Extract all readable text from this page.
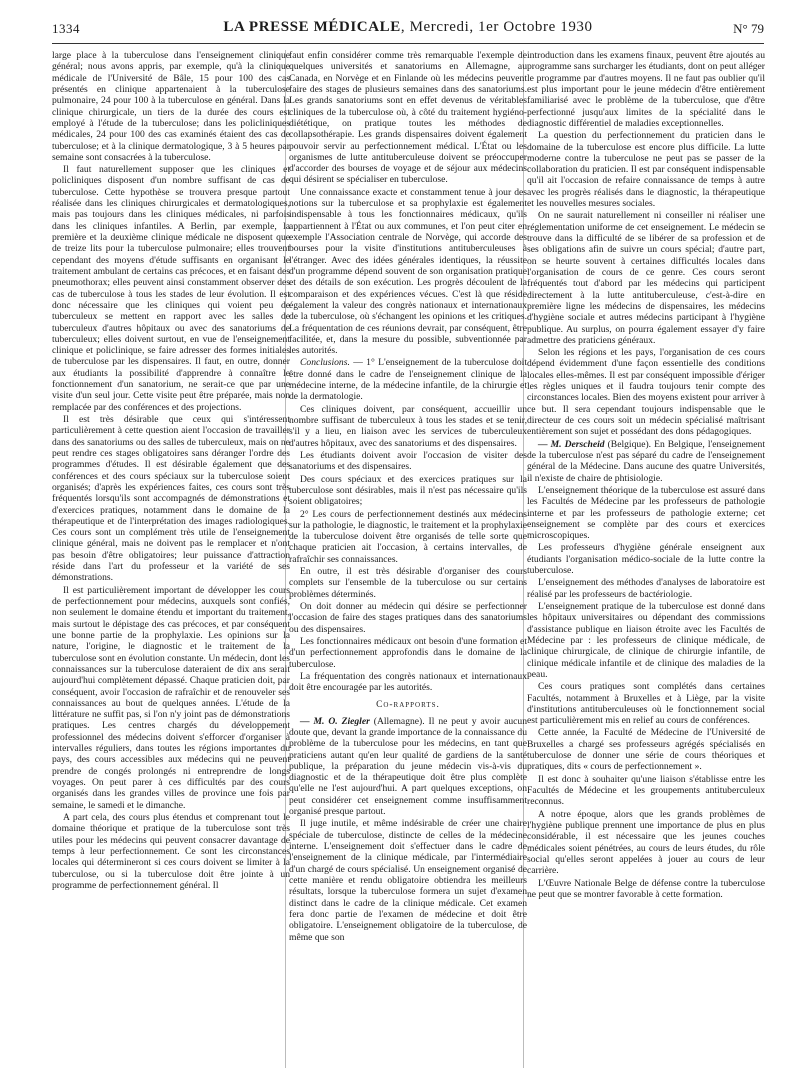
1334	LA PRESSE MÉDICALE, Mercredi, 1er Octobre 1930	N° 79

large place à la tuberculose dans l'enseignement clinique général; nous avons appris, par exemple, qu'à la clinique médicale de l'Université de Bâle, 15 pour 100 des cas présentés en clinique appartenaient à la tuberculose pulmonaire, 24 pour 100 à la tuberculose en général. Dans la clinique chirurgicale, un tiers de la durée des cours est employé à l'étude de la tuberculose; dans les policliniques médicales, 24 pour 100 des cas examinés étaient des cas de tuberculose; et à la clinique dermatologique, 3 à 5 heures par semaine sont consacrées à la tuberculose.

Il faut naturellement supposer que les cliniques et policliniques disposent d'un nombre suffisant de cas de tuberculose. Cette hypothèse se trouvera presque partout réalisée dans les cliniques chirurgicales et dermatologiques, mais pas toujours dans les cliniques médicales, ni parfois dans les cliniques infantiles. A Berlin, par exemple, la première et la deuxième clinique médicale ne disposent que de treize lits pour la tuberculose pulmonaire; elles trouvent cependant des moyens d'étude suffisants en organisant le traitement ambulant de certains cas précoces, et en faisant des pneumothorax; elles peuvent ainsi constamment observer des cas de tuberculose à tous les stades de leur évolution. Il est donc nécessaire que les cliniques qui voient peu de tuberculeux se mettent en rapport avec les salles de tuberculeux d'autres hôpitaux ou avec des sanatoriums de tuberculeux; elles doivent surtout, en vue de l'enseignement clinique et policlinique, se faire adresser des formes initiales de tuberculose par les dispensaires. Il faut, en outre, donner aux étudiants la possibilité d'apprendre à connaître le fonctionnement d'un sanatorium, ne serait-ce que par une visite d'un seul jour. Cette visite peut être préparée, mais non remplacée par des conférences et des projections.

Il est très désirable que ceux qui s'intéressent particulièrement à cette question aient l'occasion de travailler dans des sanatoriums ou des salles de tuberculeux, mais on ne peut rendre ces stages obligatoires sans déranger l'ordre des programmes d'études. Il est désirable également que des conférences et des cours spéciaux sur la tuberculose soient organisés; d'après les expériences faites, ces cours sont très fréquentés lorsqu'ils sont accompagnés de démonstrations et d'exercices pratiques, notamment dans le domaine de la thérapeutique et de l'interprétation des images radiologiques. Ces cours sont un complément très utile de l'enseignement clinique général, mais ne doivent pas le remplacer et n'ont pas besoin d'être obligatoires; leur puissance d'attraction réside dans l'art du professeur et la variété de ses démonstrations.

Il est particulièrement important de développer les cours de perfectionnement pour médecins, auxquels sont confiés, non seulement le domaine étendu et important du traitement, mais surtout le dépistage des cas précoces, et par conséquent une bonne partie de la prophylaxie. Les opinions sur la nature, l'origine, le diagnostic et le traitement de la tuberculose sont en évolution constante. Un médecin, dont les connaissances sur la tuberculose dateraient de dix ans serait aujourd'hui complètement dépassé. Chaque praticien doit, par conséquent, avoir l'occasion de rafraîchir et de renouveler ses connaissances au bout de quelques années. L'étude de la littérature ne suffit pas, si l'on n'y joint pas de démonstrations pratiques. Les centres chargés du développement professionnel des médecins doivent s'efforcer d'organiser à intervalles réguliers, dans toutes les régions importantes du pays, des cours accessibles aux médecins qui ne peuvent prendre de congés prolongés ni entreprendre de longs voyages. On peut parer à ces difficultés par des cours organisés dans les grandes villes de province une fois par semaine, le samedi et le dimanche.

A part cela, des cours plus étendus et comprenant tout le domaine théorique et pratique de la tuberculose sont très utiles pour les médecins qui peuvent consacrer davantage de temps à leur perfectionnement. Ce sont les circonstances locales qui détermineront si ces cours doivent se limiter à la tuberculose, ou si la tuberculose doit être jointe à un programme de perfectionnement général. Il

faut enfin considérer comme très remarquable l'exemple de quelques universités et sanatoriums en Allemagne, au Canada, en Norvège et en Finlande où les médecins peuvent faire des stages de plusieurs semaines dans des sanatoriums. Les grands sanatoriums sont en effet devenus de véritables cliniques de la tuberculose où, à côté du traitement hygiéno-diététique, on pratique toutes les méthodes de collapsothérapie. Les grands dispensaires doivent également pouvoir servir au perfectionnement médical. L'État ou les organismes de lutte antituberculeuse doivent se préoccuper d'accorder des bourses de voyage et de séjour aux médecins qui désirent se spécialiser en tuberculose.

Une connaissance exacte et constamment tenue à jour des notions sur la tuberculose et sa prophylaxie est également indispensable à tous les fonctionnaires médicaux, qu'ils appartiennent à l'État ou aux communes, et l'on peut citer en exemple l'Association centrale de Norvège, qui accorde des bourses pour la visite d'institutions antituberculeuses à l'étranger. Avec des idées générales identiques, la réussite d'un programme dépend souvent de son organisation pratique et des détails de son exécution. Les progrès découlent de la comparaison et des expériences vécues. C'est là que réside également la valeur des congrès nationaux et internationaux de la tuberculose, où s'échangent les opinions et les critiques. La fréquentation de ces réunions devrait, par conséquent, être facilitée, et, dans la mesure du possible, subventionnée par les autorités.

Conclusions. — 1° L'enseignement de la tuberculose doit être donné dans le cadre de l'enseignement clinique de la médecine interne, de la médecine infantile, de la chirurgie et de la dermatologie.

Ces cliniques doivent, par conséquent, accueillir un nombre suffisant de tuberculeux à tous les stades et se tenir, s'il y a lieu, en liaison avec les services de tuberculeux d'autres hôpitaux, avec des sanatoriums et des dispensaires.

Les étudiants doivent avoir l'occasion de visiter des sanatoriums et des dispensaires.

Des cours spéciaux et des exercices pratiques sur la tuberculose sont désirables, mais il n'est pas nécessaire qu'ils soient obligatoires;

2° Les cours de perfectionnement destinés aux médecins sur la pathologie, le diagnostic, le traitement et la prophylaxie de la tuberculose doivent être organisés de telle sorte que chaque praticien ait l'occasion, à certains intervalles, de rafraîchir ses connaissances.

En outre, il est très désirable d'organiser des cours complets sur l'ensemble de la tuberculose ou sur certains problèmes déterminés.

On doit donner au médecin qui désire se perfectionner l'occasion de faire des stages pratiques dans des sanatoriums ou des dispensaires.

Les fonctionnaires médicaux ont besoin d'une formation et d'un perfectionnement approfondis dans le domaine de la tuberculose.

La fréquentation des congrès nationaux et internationaux doit être encouragée par les autorités.

Co-rapports.

— M. O. Ziegler (Allemagne). Il ne peut y avoir aucun doute que, devant la grande importance de la connaissance du problème de la tuberculose pour les médecins, en tant que praticiens autant qu'en leur qualité de gardiens de la santé publique, la préparation du jeune médecin vis-à-vis du diagnostic et de la thérapeutique doit être plus complète qu'elle ne l'est aujourd'hui. A part quelques exceptions, on peut considérer cet enseignement comme insuffisamment organisé presque partout.

Il juge inutile, et même indésirable de créer une chaire spéciale de tuberculose, distincte de celles de la médecine interne. L'enseignement doit s'effectuer dans le cadre de l'enseignement de la clinique médicale, par l'intermédiaire d'un chargé de cours spécialisé. Un enseignement organisé de cette manière et rendu obligatoire obtiendra les meilleurs résultats, lorsque la tuberculose formera un sujet d'examen distinct dans le cadre de la clinique médicale. Cet examen fera donc partie de l'examen de médecine et doit être obligatoire. L'enseignement obligatoire de la tuberculose, de même que son

introduction dans les examens finaux, peuvent être ajoutés au programme sans surcharger les étudiants, dont on peut alléger le programme par d'autres moyens. Il ne faut pas oublier qu'il est plus important pour le jeune médecin d'être entièrement familiarisé avec le problème de la tuberculose, que d'être perfectionné jusqu'aux limites de la spécialité dans le diagnostic différentiel de maladies exceptionnelles.

La question du perfectionnement du praticien dans le domaine de la tuberculose est encore plus difficile. La lutte moderne contre la tuberculose ne peut pas se passer de la collaboration du praticien. Il est par conséquent indispensable qu'il ait l'occasion de refaire connaissance de temps à autre avec les progrès réalisés dans le diagnostic, la thérapeutique et les nouvelles mesures sociales.

On ne saurait naturellement ni conseiller ni réaliser une réglementation uniforme de cet enseignement. Le médecin se trouve dans la difficulté de se libérer de sa profession et de ses obligations afin de suivre un cours spécial; d'autre part, on se heurte souvent à certaines difficultés locales dans l'organisation de cours de ce genre. Ces cours seront fréquentés tout d'abord par les médecins qui participent directement à la lutte antituberculeuse, c'est-à-dire en première ligne les médecins de dispensaires, les médecins d'hygiène sociale et autres médecins participant à l'hygiène publique. Au surplus, on pourra également essayer d'y faire admettre des praticiens généraux.

Selon les régions et les pays, l'organisation de ces cours dépend évidemment d'une façon essentielle des conditions locales elles-mêmes. Il est par conséquent impossible d'ériger les règles uniques et il faudra toujours tenir compte des circonstances locales. Bien des moyens existent pour arriver à ce but. Il sera cependant toujours indispensable que le directeur de ces cours soit un médecin spécialisé maîtrisant entièrement son sujet et possédant des dons pédagogiques.

— M. Derscheid (Belgique). En Belgique, l'enseignement de la tuberculose n'est pas séparé du cadre de l'enseignement général de la Médecine. Dans aucune des quatre Universités, il n'existe de chaire de phtisiologie.

L'enseignement théorique de la tuberculose est assuré dans les Facultés de Médecine par les professeurs de pathologie interne et par les professeurs de pathologie externe; cet enseignement se complète par des cours et exercices microscopiques.

Les professeurs d'hygiène générale enseignent aux étudiants l'organisation médico-sociale de la lutte contre la tuberculose.

L'enseignement des méthodes d'analyses de laboratoire est réalisé par les professeurs de bactériologie.

L'enseignement pratique de la tuberculose est donné dans les hôpitaux universitaires ou dépendant des commissions d'assistance publique en liaison étroite avec les Facultés de Médecine par : les professeurs de clinique médicale, de clinique chirurgicale, de clinique de chirurgie infantile, de clinique médicale infantile et de clinique des maladies de la peau.

Ces cours pratiques sont complétés dans certaines Facultés, notamment à Bruxelles et à Liège, par la visite d'institutions antituberculeuses où le fonctionnement social est particulièrement mis en relief au cours de conférences.

Cette année, la Faculté de Médecine de l'Université de Bruxelles a chargé ses professeurs agrégés spécialisés en tuberculose de donner une série de cours théoriques et pratiques, dits « cours de perfectionnement ».

Il est donc à souhaiter qu'une liaison s'établisse entre les Facultés de Médecine et les groupements antituberculeux reconnus.

A notre époque, alors que les grands problèmes de l'hygiène publique prennent une importance de plus en plus considérable, il est nécessaire que les jeunes couches médicales soient pénétrées, au cours de leurs études, du rôle social qu'elles seront appelées à jouer au cours de leur carrière.

L'Œuvre Nationale Belge de défense contre la tuberculose ne peut que se montrer favorable à cette formation.
